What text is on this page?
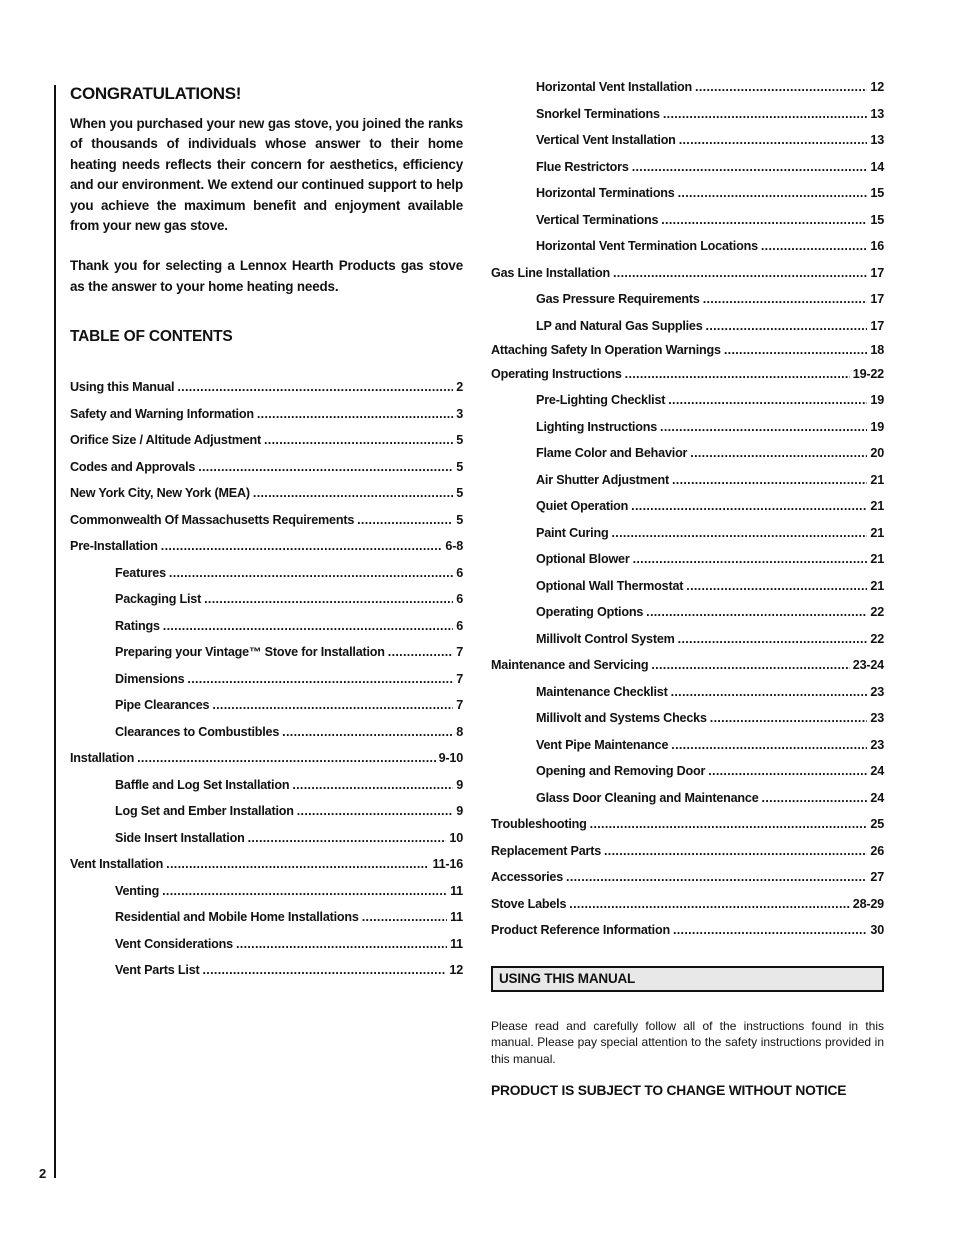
2
CONGRATULATIONS!

When you purchased your new gas stove, you joined the ranks of thousands of individuals whose answer to their home heating needs reflects their concern for aesthetics, efficiency and our environment. We extend our continued support to help you achieve the maximum benefit and enjoyment available from your new gas stove.

Thank you for selecting a Lennox Hearth Products gas stove as the answer to your home heating needs.

TABLE OF CONTENTS
Using this Manual . . .	2
Safety and Warning Information . . .	3
Orifice Size / Altitude Adjustment . . .	5
Codes and Approvals . . .	5
New York City, New York (MEA) . . .	5
Commonwealth Of Massachusetts Requirements . . .	5
Pre-Installation . . .	6-8
Features . . .	6
Packaging List . . .	6
Ratings . . .	6
Preparing your Vintage™ Stove for Installation . . .	7
Dimensions . . .	7
Pipe Clearances . . .	7
Clearances to Combustibles . . .	8
Installation . . .	9-10
Baffle and Log Set Installation . . .	9
Log Set and Ember Installation . . .	9
Side Insert Installation . . .	10
Vent Installation . . .	11-16
Venting . . .	11
Residential and Mobile Home Installations . . .	11
Vent Considerations . . .	11
Vent Parts List . . .	12
Horizontal Vent Installation . . .	12
Snorkel Terminations . . .	13
Vertical Vent Installation . . .	13
Flue Restrictors . . .	14
Horizontal Terminations . . .	15
Vertical Terminations . . .	15
Horizontal Vent Termination Locations . . .	16
Gas Line Installation . . .	17
Gas Pressure Requirements . . .	17
LP and Natural Gas Supplies . . .	17
Attaching Safety In Operation Warnings . . .	18
Operating Instructions . . .	19-22
Pre-Lighting Checklist . . .	19
Lighting Instructions . . .	19
Flame Color and Behavior . . .	20
Air Shutter Adjustment . . .	21
Quiet Operation . . .	21
Paint Curing . . .	21
Optional Blower . . .	21
Optional Wall Thermostat . . .	21
Operating Options . . .	22
Millivolt Control System . . .	22
Maintenance and Servicing . . .	23-24
Maintenance Checklist . . .	23
Millivolt and Systems Checks . . .	23
Vent Pipe Maintenance . . .	23
Opening and Removing Door . . .	24
Glass Door Cleaning and Maintenance . . .	24
Troubleshooting . . .	25
Replacement Parts . . .	26
Accessories . . .	27
Stove Labels . . .	28-29
Product Reference Information . . .	30
USING THIS MANUAL

Please read and carefully follow all of the instructions found in this manual. Please pay special attention to the safety instructions provided in this manual.

PRODUCT IS SUBJECT TO CHANGE WITHOUT NOTICE
